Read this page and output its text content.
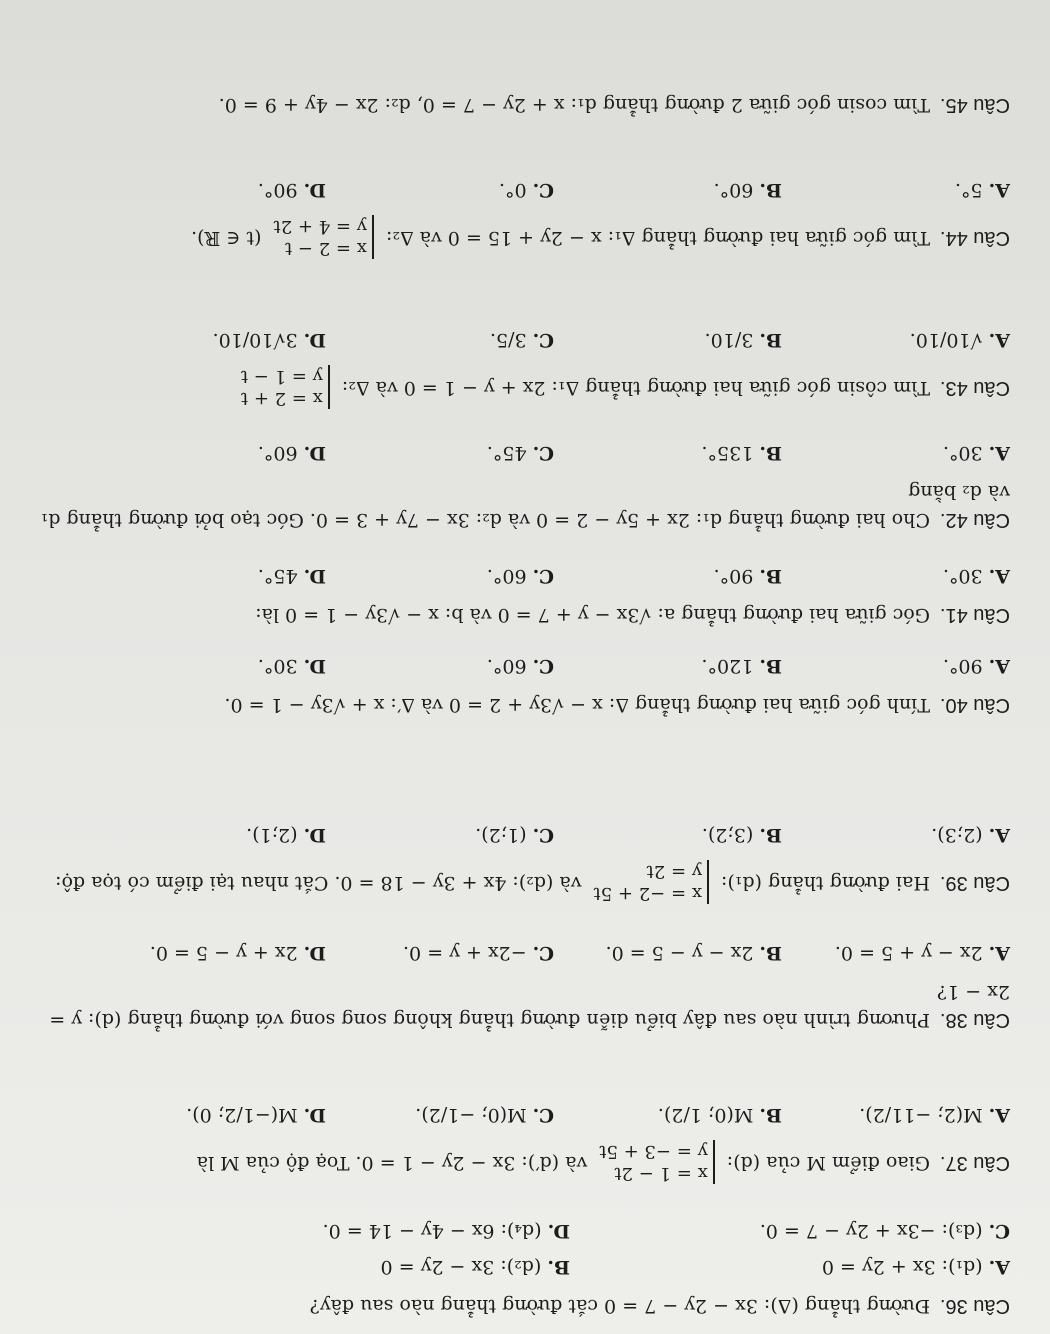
Câu 36.Đường thẳng (Δ): 3x − 2y − 7 = 0 cắt đường thẳng nào sau đây?
A.(d₁): 3x + 2y = 0
B.(d₂): 3x − 2y = 0
C.(d₃): −3x + 2y − 7 = 0.
D.(d₄): 6x − 4y − 14 = 0.
Câu 37.Giao điểm M của (d):
x = 1 − 2t
y = −3 + 5t
và (d′): 3x − 2y − 1 = 0. Toạ độ của M là
A.M(2; −11/2).
B.M(0; 1/2).
C.M(0; −1/2).
D.M(−1/2; 0).
Câu 38.Phương trình nào sau đây biểu diễn đường thẳng không song song với đường thẳng (d): y = 2x − 1?
A.2x − y + 5 = 0.
B.2x − y − 5 = 0.
C.−2x + y = 0.
D.2x + y − 5 = 0.
Câu 39.Hai đường thẳng (d₁):
x = −2 + 5t
y = 2t
và (d₂): 4x + 3y − 18 = 0. Cắt nhau tại điểm có tọa độ:
A.(2;3).
B.(3;2).
C.(1;2).
D.(2;1).
Câu 40.Tính góc giữa hai đường thẳng Δ: x − √3y + 2 = 0 và Δ′: x + √3y − 1 = 0.
A.90°.
B.120°.
C.60°.
D.30°.
Câu 41.Góc giữa hai đường thẳng a: √3x − y + 7 = 0 và b: x − √3y − 1 = 0 là:
A.30°.
B.90°.
C.60°.
D.45°.
Câu 42.Cho hai đường thẳng d₁: 2x + 5y − 2 = 0 và d₂: 3x − 7y + 3 = 0. Góc tạo bởi đường thẳng d₁ và d₂ bằng
A.30°.
B.135°.
C.45°.
D.60°.
Câu 43.Tìm côsin góc giữa hai đường thẳng Δ₁: 2x + y − 1 = 0 và Δ₂:
x = 2 + t
y = 1 − t
A.√10/10.
B.3/10.
C.3/5.
D.3√10/10.
Câu 44.Tìm góc giữa hai đường thẳng Δ₁: x − 2y + 15 = 0 và Δ₂:
x = 2 − t
y = 4 + 2t
(t ∈ ℝ).
A.5°.
B.60°.
C.0°.
D.90°.
Câu 45.Tìm cosin góc giữa 2 đường thẳng d₁: x + 2y − 7 = 0, d₂: 2x − 4y + 9 = 0.
